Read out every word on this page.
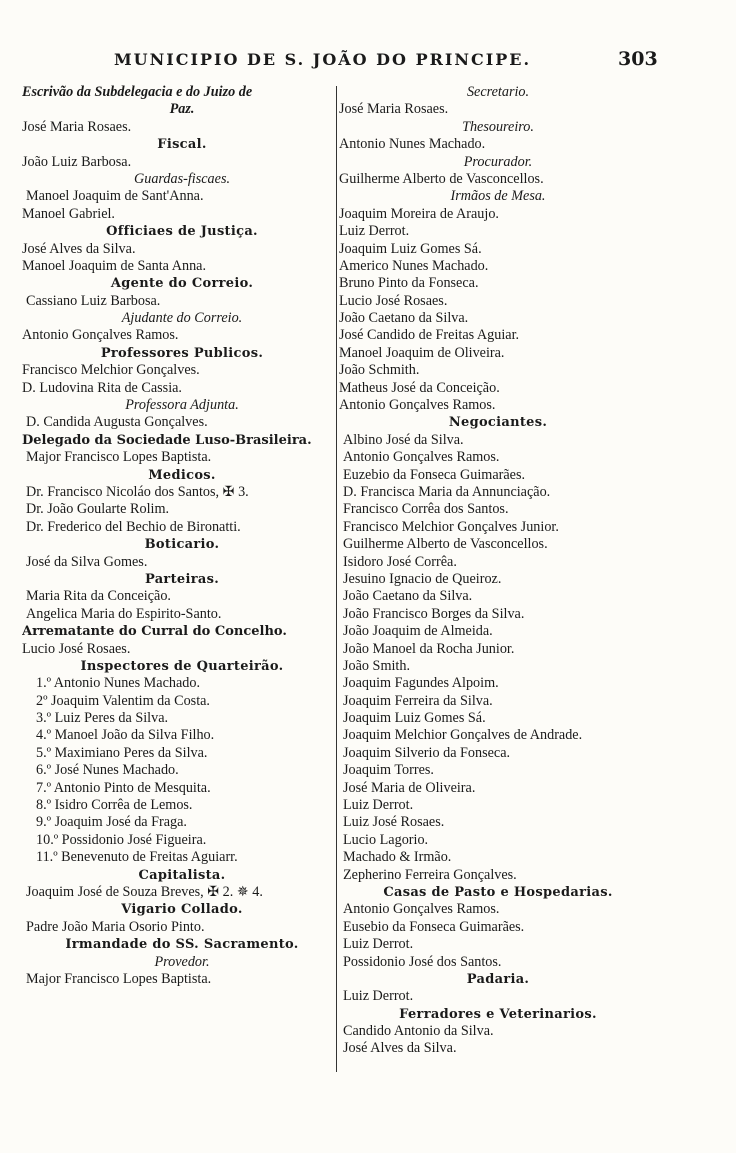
MUNICIPIO DE S. JOÃO DO PRINCIPE.	303
Escrivão da Subdelegacia e do Juizo de
Paz.
José Maria Rosaes.
Fiscal.
João Luiz Barbosa.
Guardas-fiscaes.
Manoel Joaquim de Sant'Anna.
Manoel Gabriel.
Officiaes de Justiça.
José Alves da Silva.
Manoel Joaquim de Santa Anna.
Agente do Correio.
Cassiano Luiz Barbosa.
Ajudante do Correio.
Antonio Gonçalves Ramos.
Professores Publicos.
Francisco Melchior Gonçalves.
D. Ludovina Rita de Cassia.
Professora Adjunta.
D. Candida Augusta Gonçalves.
Delegado da Sociedade Luso-Brasileira.
Major Francisco Lopes Baptista.
Medicos.
Dr. Francisco Nicoláo dos Santos, ✠ 3.
Dr. João Goularte Rolim.
Dr. Frederico del Bechio de Bironatti.
Boticario.
José da Silva Gomes.
Parteiras.
Maria Rita da Conceição.
Angelica Maria do Espirito-Santo.
Arrematante do Curral do Concelho.
Lucio José Rosaes.
Inspectores de Quarteirão.
1.º Antonio Nunes Machado.
2º Joaquim Valentim da Costa.
3.º Luiz Peres da Silva.
4.º Manoel João da Silva Filho.
5.º Maximiano Peres da Silva.
6.º José Nunes Machado.
7.º Antonio Pinto de Mesquita.
8.º Isidro Corrêa de Lemos.
9.º Joaquim José da Fraga.
10.º Possidonio José Figueira.
11.º Benevenuto de Freitas Aguiarr.
Capitalista.
Joaquim José de Souza Breves, ✠ 2. ✵ 4.
Vigario Collado.
Padre João Maria Osorio Pinto.
Irmandade do SS. Sacramento.
Provedor.
Major Francisco Lopes Baptista.
Secretario.
José Maria Rosaes.
Thesoureiro.
Antonio Nunes Machado.
Procurador.
Guilherme Alberto de Vasconcellos.
Irmãos de Mesa.
Joaquim Moreira de Araujo.
Luiz Derrot.
Joaquim Luiz Gomes Sá.
Americo Nunes Machado.
Bruno Pinto da Fonseca.
Lucio José Rosaes.
João Caetano da Silva.
José Candido de Freitas Aguiar.
Manoel Joaquim de Oliveira.
João Schmith.
Matheus José da Conceição.
Antonio Gonçalves Ramos.
Negociantes.
Albino José da Silva.
Antonio Gonçalves Ramos.
Euzebio da Fonseca Guimarães.
D. Francisca Maria da Annunciação.
Francisco Corrêa dos Santos.
Francisco Melchior Gonçalves Junior.
Guilherme Alberto de Vasconcellos.
Isidoro José Corrêa.
Jesuino Ignacio de Queiroz.
João Caetano da Silva.
João Francisco Borges da Silva.
João Joaquim de Almeida.
João Manoel da Rocha Junior.
João Smith.
Joaquim Fagundes Alpoim.
Joaquim Ferreira da Silva.
Joaquim Luiz Gomes Sá.
Joaquim Melchior Gonçalves de Andrade.
Joaquim Silverio da Fonseca.
Joaquim Torres.
José Maria de Oliveira.
Luiz Derrot.
Luiz José Rosaes.
Lucio Lagorio.
Machado & Irmão.
Zepherino Ferreira Gonçalves.
Casas de Pasto e Hospedarias.
Antonio Gonçalves Ramos.
Eusebio da Fonseca Guimarães.
Luiz Derrot.
Possidonio José dos Santos.
Padaria.
Luiz Derrot.
Ferradores e Veterinarios.
Candido Antonio da Silva.
José Alves da Silva.
